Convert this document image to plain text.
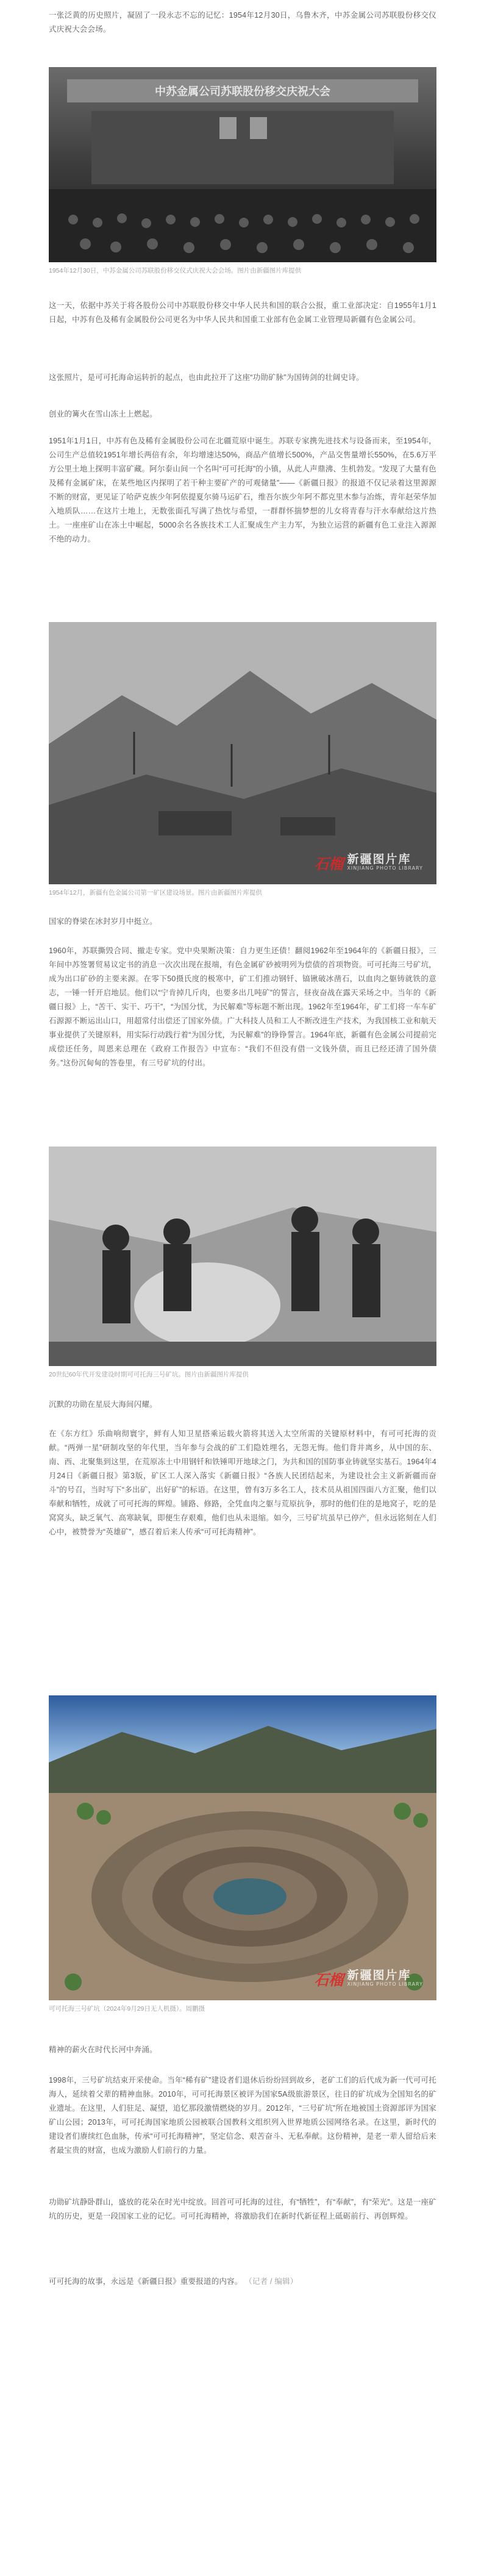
一张泛黄的历史照片，凝固了一段永志不忘的记忆：1954年12月30日，乌鲁木齐，中苏金属公司苏联股份移交仪式庆祝大会会场。

中苏金属公司苏联股份移交庆祝大会

1954年12月30日，中苏金属公司苏联股份移交仪式庆祝大会会场。图片由新疆图片库提供

这一天，依据中苏关于将各股份公司中苏联股份移交中华人民共和国的联合公报，重工业部决定：自1955年1月1日起，中苏有色及稀有金属股份公司更名为中华人民共和国重工业部有色金属工业管理局新疆有色金属公司。

这张照片，是可可托海命运转折的起点，也由此拉开了这座“功勋矿脉”为国铸剑的壮阔史诗。

创业的篝火在雪山冻土上燃起。

1951年1月1日，中苏有色及稀有金属股份公司在北疆荒原中诞生。苏联专家携先进技术与设备而来，至1954年，公司生产总值较1951年增长两倍有余，年均增速达50%，商品产值增长500%，产品交售量增长550%，在5.6万平方公里土地上探明丰富矿藏。阿尔泰山间一个名叫“可可托海”的小镇，从此人声鼎沸、生机勃发。“发现了大量有色及稀有金属矿床，在某些地区内探明了若干种主要矿产的可观储量”——《新疆日报》的报道不仅记录着这里源源不断的财富，更见证了哈萨克族少年阿依提夏尔骑马运矿石，维吾尔族少年阿不都克里木参与冶炼，青年赵荣华加入地质队……在这片土地上，无数张面孔写满了热忱与希望，一群群怀揣梦想的儿女将青春与汗水奉献给这片热土。一座座矿山在冻土中崛起，5000余名各族技术工人汇聚成生产主力军，为独立运营的新疆有色工业注入源源不绝的动力。

石榴 新疆图片库
XINJIANG PHOTO LIBRARY

1954年12月，新疆有色金属公司第一矿区建设场景。图片由新疆图片库提供

国家的脊梁在冰封岁月中挺立。

1960年，苏联撕毁合同、撤走专家。党中央果断决策：自力更生还债！翻阅1962年至1964年的《新疆日报》，三年间中苏签署贸易议定书的消息一次次出现在报端，有色金属矿砂被明列为偿债的首项物资。可可托海三号矿坑，成为出口矿砂的主要来源。在零下50摄氏度的极寒中，矿工们推动钢钎、镐锹破冰凿石，以血肉之躯铸就铁的意志，一锤一钎开启地层。他们以“宁肯掉几斤肉，也要多出几吨矿”的誓言，昼夜奋战在露天采场之中。当年的《新疆日报》上，“苦干、实干、巧干”，“为国分忧，为民解难”等标题不断出现。1962年至1964年，矿工们将一车车矿石源源不断运出山口，用超常付出偿还了国家外债。广大科技人员和工人不断改进生产技术，为我国核工业和航天事业提供了关键原料，用实际行动践行着“为国分忧，为民解难”的铮铮誓言。1964年底，新疆有色金属公司提前完成偿还任务，周恩来总理在《政府工作报告》中宣布：“我们不但没有借一文钱外债，而且已经还清了国外债务。”这份沉甸甸的答卷里，有三号矿坑的付出。

20世纪60年代开发建设时期可可托海三号矿坑。图片由新疆图片库提供

沉默的功勋在星辰大海间闪耀。

在《东方红》乐曲响彻寰宇，鲜有人知卫星搭乘运载火箭将其送入太空所需的关键原材料中，有可可托海的贡献。“两弹一星”研制攻坚的年代里，当年参与会战的矿工们隐姓埋名，无怨无悔。他们背井离乡，从中国的东、南、西、北聚集到这里，在荒原冻土中用钢钎和铁锤叩开地球之门，为共和国的国防事业铸就坚实基石。1964年4月24日《新疆日报》第3版，矿区工人深入落实《新疆日报》“各族人民团结起来，为建设社会主义新新疆而奋斗”的号召，当时写下“多出矿，出好矿”的标语。在这里，曾有3万多名工人，技术员从祖国四面八方汇聚，他们以奉献和牺牲，成就了可可托海的辉煌。铺路、修路，全凭血肉之躯与荒原抗争，那时的他们住的是地窝子，吃的是窝窝头，缺乏氧气、高寒缺氧，即便生存艰难，他们也从未退缩。如今，三号矿坑虽早已停产，但永远铭刻在人们心中，被赞誉为“英雄矿”，感召着后来人传承“可可托海精神”。

石榴 新疆图片库
XINJIANG PHOTO LIBRARY

可可托海三号矿坑（2024年9月29日无人机摄）。周鹏摄

精神的薪火在时代长河中奔涌。

1998年，三号矿坑结束开采使命。当年“稀有矿”建设者们退休后纷纷回到故乡，老矿工们的后代成为新一代可可托海人，延续着父辈的精神血脉。2010年，可可托海景区被评为国家5A级旅游景区，往日的矿坑成为全国知名的矿业遗址。在这里，人们驻足、凝望，追忆那段激情燃烧的岁月。2012年，“三号矿坑”所在地被国土资源部评为国家矿山公园；2013年，可可托海国家地质公园被联合国教科文组织列入世界地质公园网络名录。在这里，新时代的建设者们赓续红色血脉，传承“可可托海精神”，坚定信念、艰苦奋斗、无私奉献。这份精神，是老一辈人留给后来者最宝贵的财富，也成为激励人们前行的力量。

功勋矿坑静卧群山，盛放的花朵在时光中绽放。回首可可托海的过往，有“牺牲”，有“奉献”，有“荣光”。这是一座矿坑的历史，更是一段国家工业的记忆。可可托海精神，将激励我们在新时代新征程上砥砺前行、再创辉煌。

可可托海的故事，永远是《新疆日报》重要报道的内容。 （记者 / 编辑）
